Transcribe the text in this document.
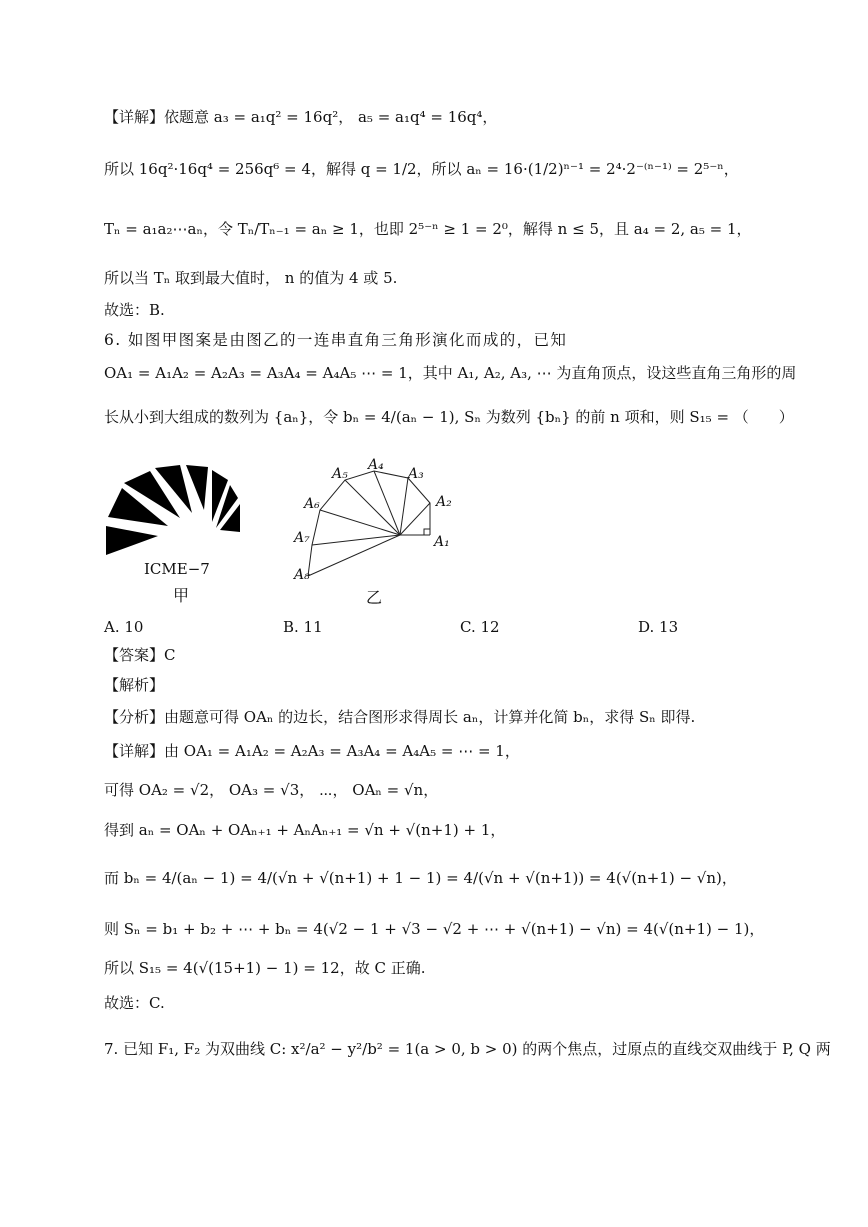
【详解】依题意 a₃ = a₁q² = 16q²， a₅ = a₁q⁴ = 16q⁴，
所以 16q²·16q⁴ = 256q⁶ = 4，解得 q = 1/2，所以 aₙ = 16·(1/2)ⁿ⁻¹ = 2⁴·2⁻⁽ⁿ⁻¹⁾ = 2⁵⁻ⁿ，
Tₙ = a₁a₂⋯aₙ，令 Tₙ/Tₙ₋₁ = aₙ ≥ 1，也即 2⁵⁻ⁿ ≥ 1 = 2⁰，解得 n ≤ 5，且 a₄ = 2, a₅ = 1，
所以当 Tₙ 取到最大值时， n 的值为 4 或 5.
故选：B.
6. 如图甲图案是由图乙的一连串直角三角形演化而成的，已知
OA₁ = A₁A₂ = A₂A₃ = A₃A₄ = A₄A₅ ⋯ = 1，其中 A₁, A₂, A₃, ⋯ 为直角顶点，设这些直角三角形的周
长从小到大组成的数列为 {aₙ}，令 bₙ = 4/(aₙ − 1), Sₙ 为数列 {bₙ} 的前 n 项和，则 S₁₅ = （　　）
ICME−7
甲
A₁
A₂
A₃
A₄
A₅
A₆
A₇
A₈
乙
A. 10	B. 11	C. 12	D. 13
【答案】C
【解析】
【分析】由题意可得 OAₙ 的边长，结合图形求得周长 aₙ，计算并化简 bₙ，求得 Sₙ 即得.
【详解】由 OA₁ = A₁A₂ = A₂A₃ = A₃A₄ = A₄A₅ = ⋯ = 1，
可得 OA₂ = √2， OA₃ = √3， ⋯， OAₙ = √n，
得到 aₙ = OAₙ + OAₙ₊₁ + AₙAₙ₊₁ = √n + √(n+1) + 1，
而 bₙ = 4/(aₙ − 1) = 4/(√n + √(n+1) + 1 − 1) = 4/(√n + √(n+1)) = 4(√(n+1) − √n)，
则 Sₙ = b₁ + b₂ + ⋯ + bₙ = 4(√2 − 1 + √3 − √2 + ⋯ + √(n+1) − √n) = 4(√(n+1) − 1)，
所以 S₁₅ = 4(√(15+1) − 1) = 12，故 C 正确.
故选：C.
7. 已知 F₁, F₂ 为双曲线 C: x²/a² − y²/b² = 1(a > 0, b > 0) 的两个焦点，过原点的直线交双曲线于 P, Q 两
